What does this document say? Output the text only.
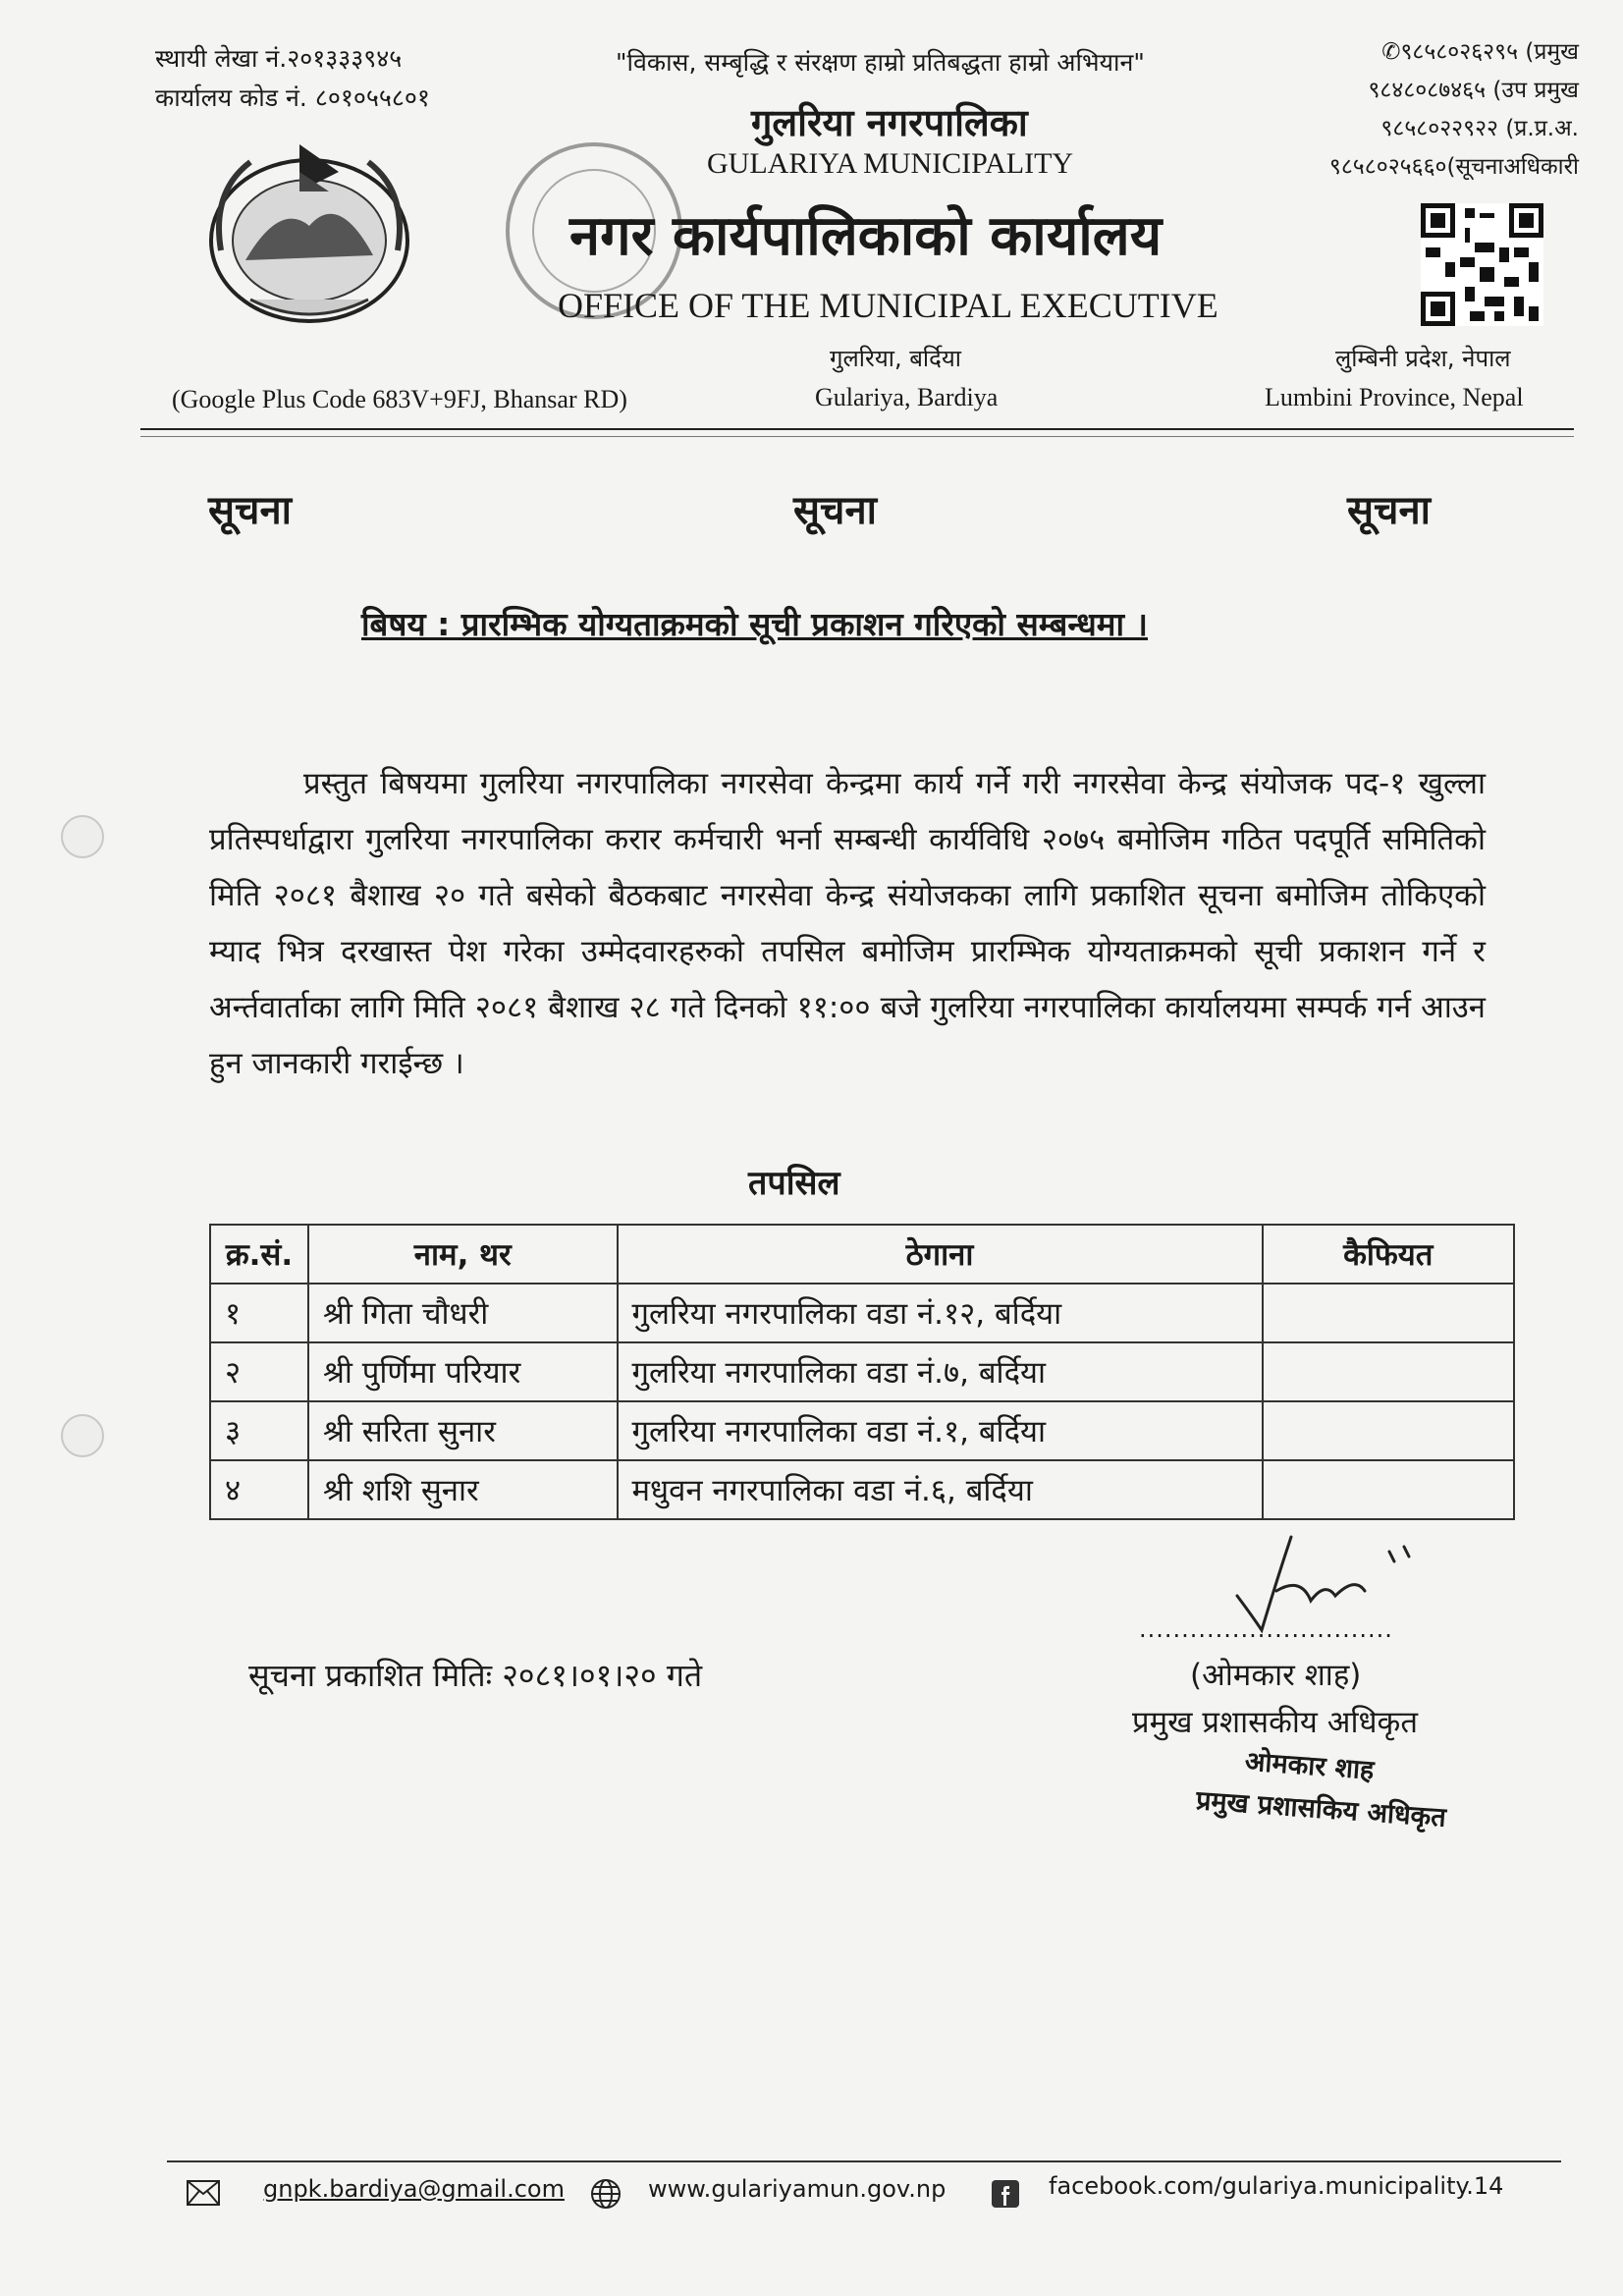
स्थायी लेखा नं.२०१३३३९४५
कार्यालय कोड नं. ८०१०५५८०१
"विकास, सम्बृद्धि र संरक्षण हाम्रो प्रतिबद्धता हाम्रो अभियान"
गुलरिया नगरपालिका
GULARIYA MUNICIPALITY
नगर कार्यपालिकाको कार्यालय
OFFICE OF THE MUNICIPAL EXECUTIVE
गुलरिया, बर्दिया
Gulariya, Bardiya
(Google Plus Code 683V+9FJ, Bhansar RD)
✆९८५८०२६२९५ (प्रमुख
९८४८०८७४६५ (उप प्रमुख
९८५८०२२९२२ (प्र.प्र.अ.
९८५८०२५६६०(सूचनाअधिकारी
लुम्बिनी प्रदेश, नेपाल
Lumbini Province, Nepal
सूचना	सूचना	सूचना
बिषय : प्रारम्भिक योग्यताक्रमको सूची प्रकाशन गरिएको सम्बन्धमा ।
प्रस्तुत बिषयमा गुलरिया नगरपालिका नगरसेवा केन्द्रमा कार्य गर्ने गरी नगरसेवा केन्द्र संयोजक पद-१ खुल्ला प्रतिस्पर्धाद्वारा गुलरिया नगरपालिका करार कर्मचारी भर्ना सम्बन्धी कार्यविधि २०७५ बमोजिम गठित पदपूर्ति समितिको मिति २०८१ बैशाख २० गते बसेको बैठकबाट नगरसेवा केन्द्र संयोजकका लागि प्रकाशित सूचना बमोजिम तोकिएको म्याद भित्र दरखास्त पेश गरेका उम्मेदवारहरुको तपसिल बमोजिम प्रारम्भिक योग्यताक्रमको सूची प्रकाशन गर्ने र अर्न्तवार्ताका लागि मिति २०८१ बैशाख २८ गते दिनको ११:०० बजे गुलरिया नगरपालिका कार्यालयमा सम्पर्क गर्न आउन हुन जानकारी गराईन्छ ।
तपसिल
क्र.सं.	नाम, थर	ठेगाना	कैफियत
१	श्री गिता चौधरी	गुलरिया नगरपालिका वडा नं.१२, बर्दिया	
२	श्री पुर्णिमा परियार	गुलरिया नगरपालिका वडा नं.७, बर्दिया	
३	श्री सरिता सुनार	गुलरिया नगरपालिका वडा नं.१, बर्दिया	
४	श्री शशि सुनार	मधुवन नगरपालिका वडा नं.६, बर्दिया	
..............................
(ओमकार शाह)
प्रमुख प्रशासकीय अधिकृत
ओमकार शाह
प्रमुख प्रशासकिय अधिकृत
सूचना प्रकाशित मितिः २०८१।०१।२० गते
gnpk.bardiya@gmail.com	www.gulariyamun.gov.np	facebook.com/gulariya.municipality.14
